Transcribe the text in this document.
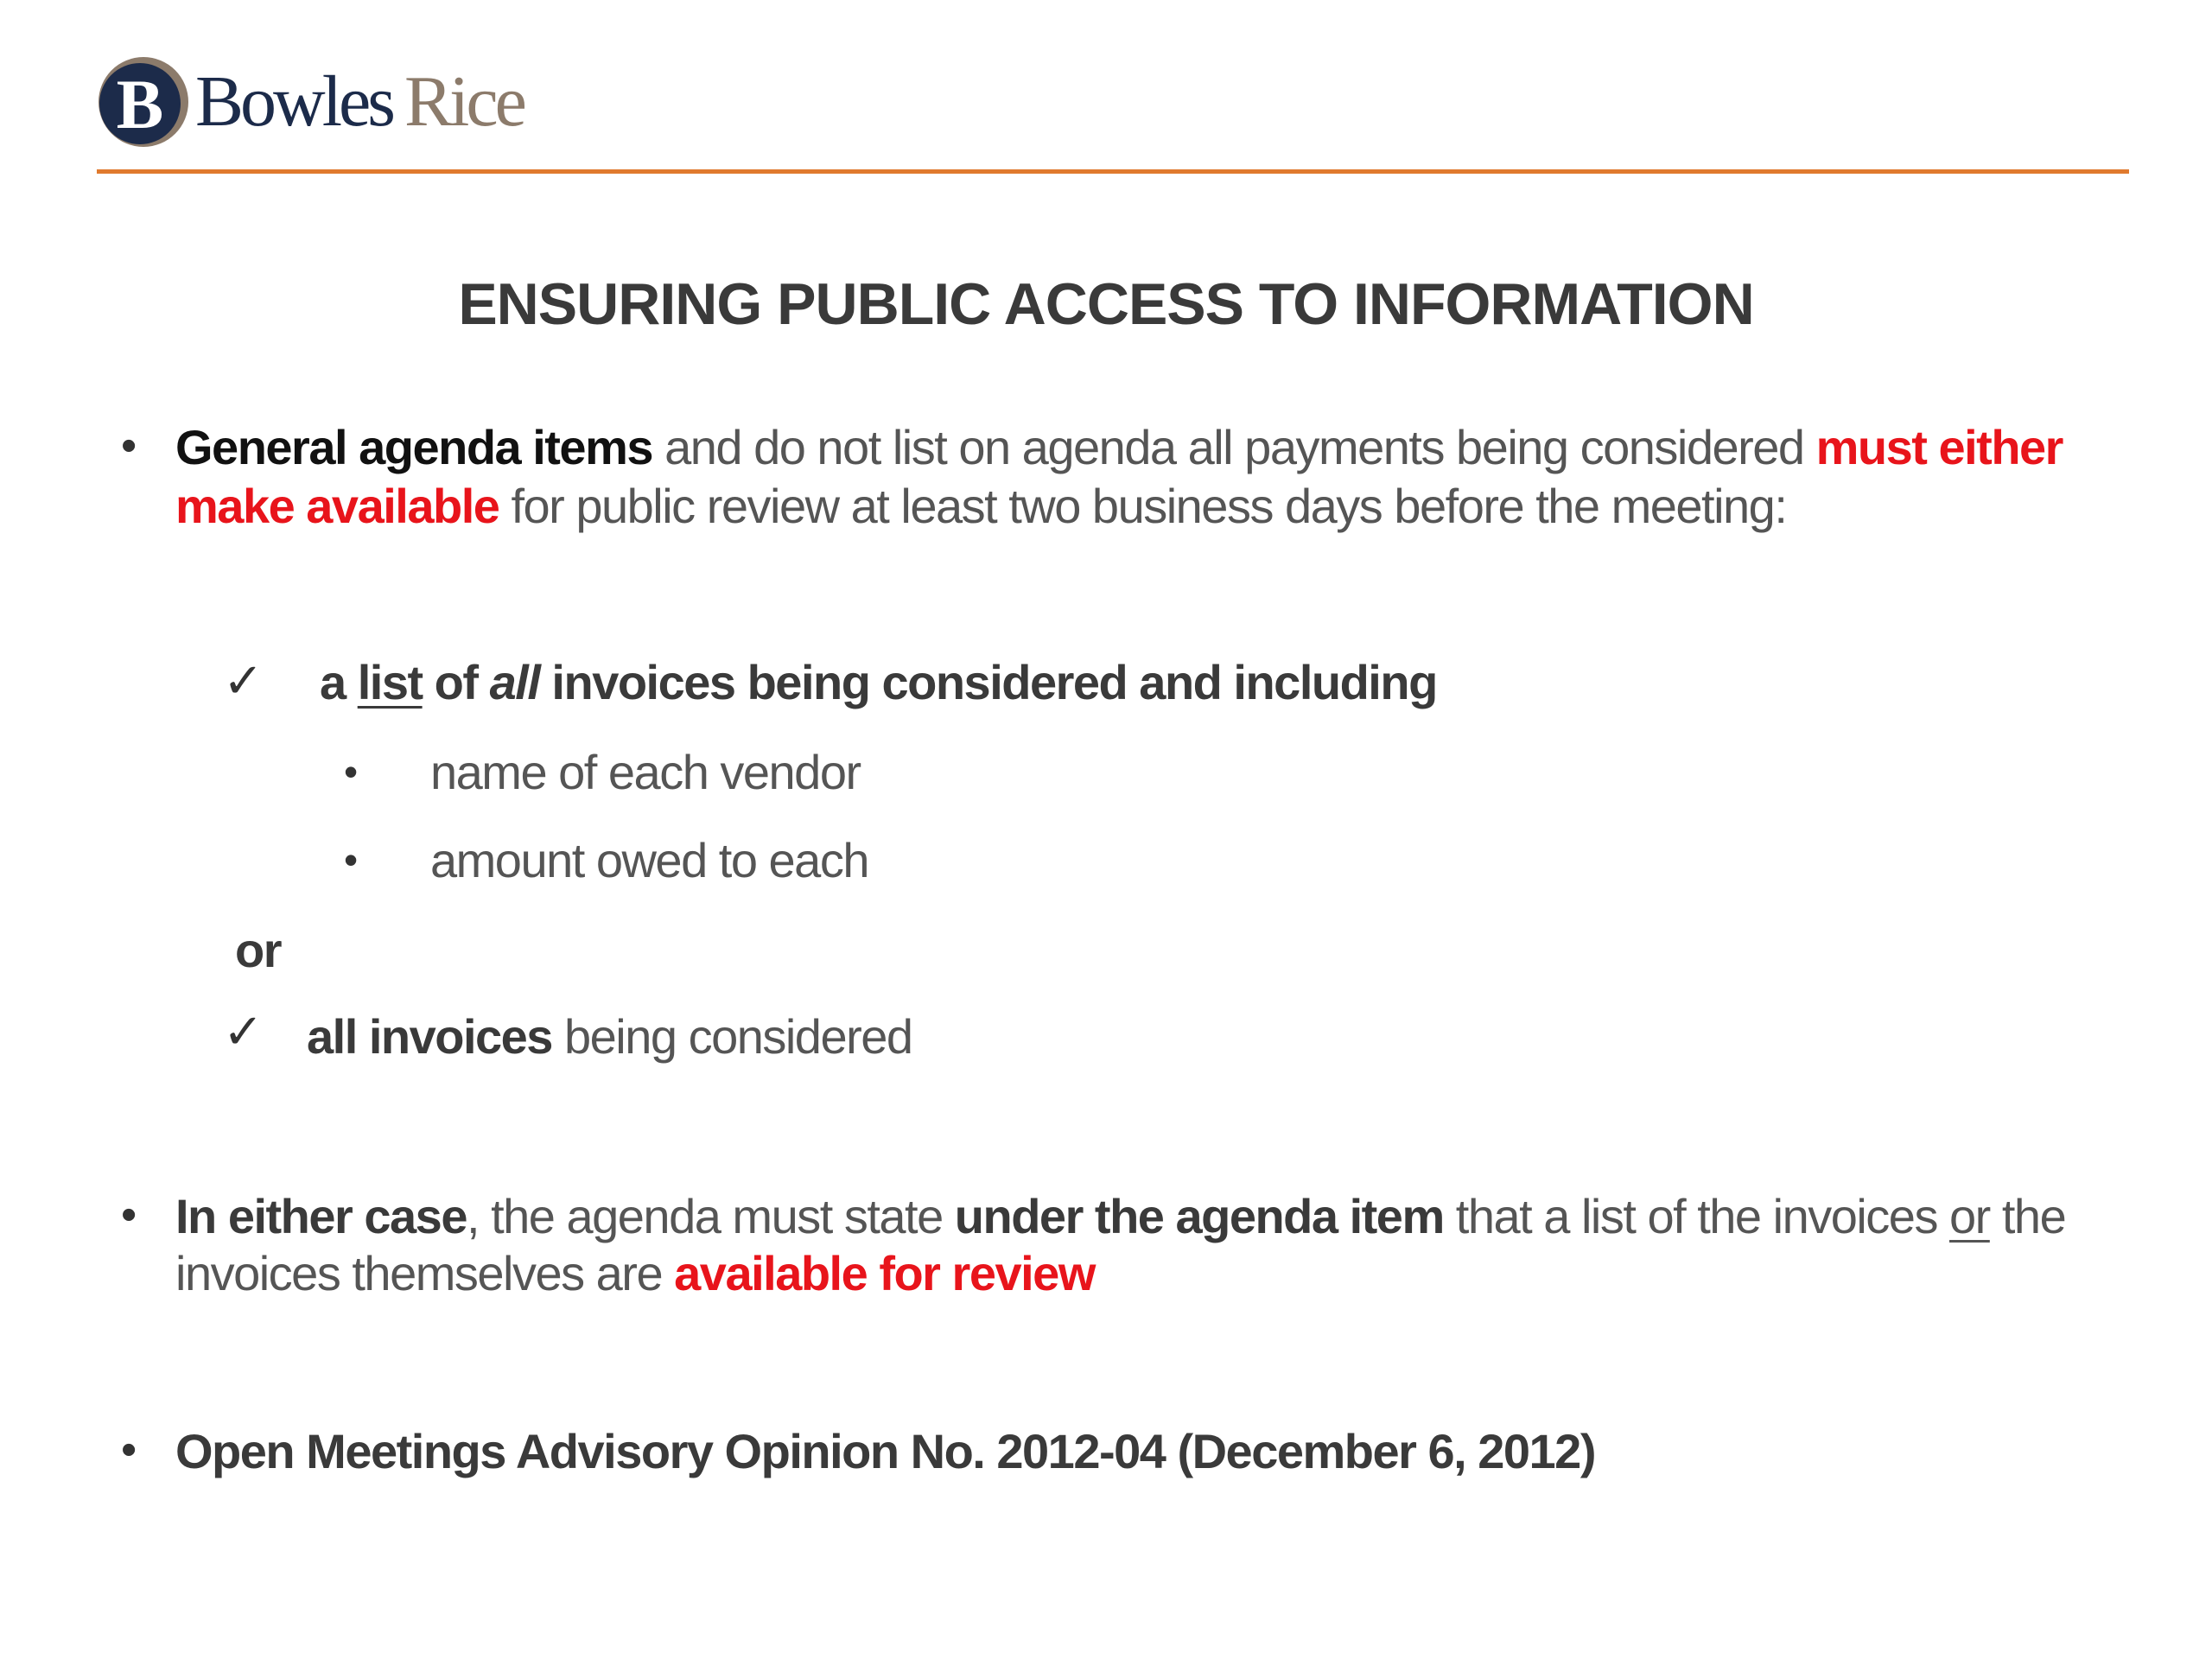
B Bowles Rice
ENSURING PUBLIC ACCESS TO INFORMATION
• General agenda items and do not list on agenda all payments being considered must either
make available for public review at least two business days before the meeting:
✓ a list of all invoices being considered and including
• name of each vendor
• amount owed to each
or
✓ all invoices being considered
• In either case, the agenda must state under the agenda item that a list of the invoices or the
invoices themselves are available for review
• Open Meetings Advisory Opinion No. 2012-04 (December 6, 2012)
